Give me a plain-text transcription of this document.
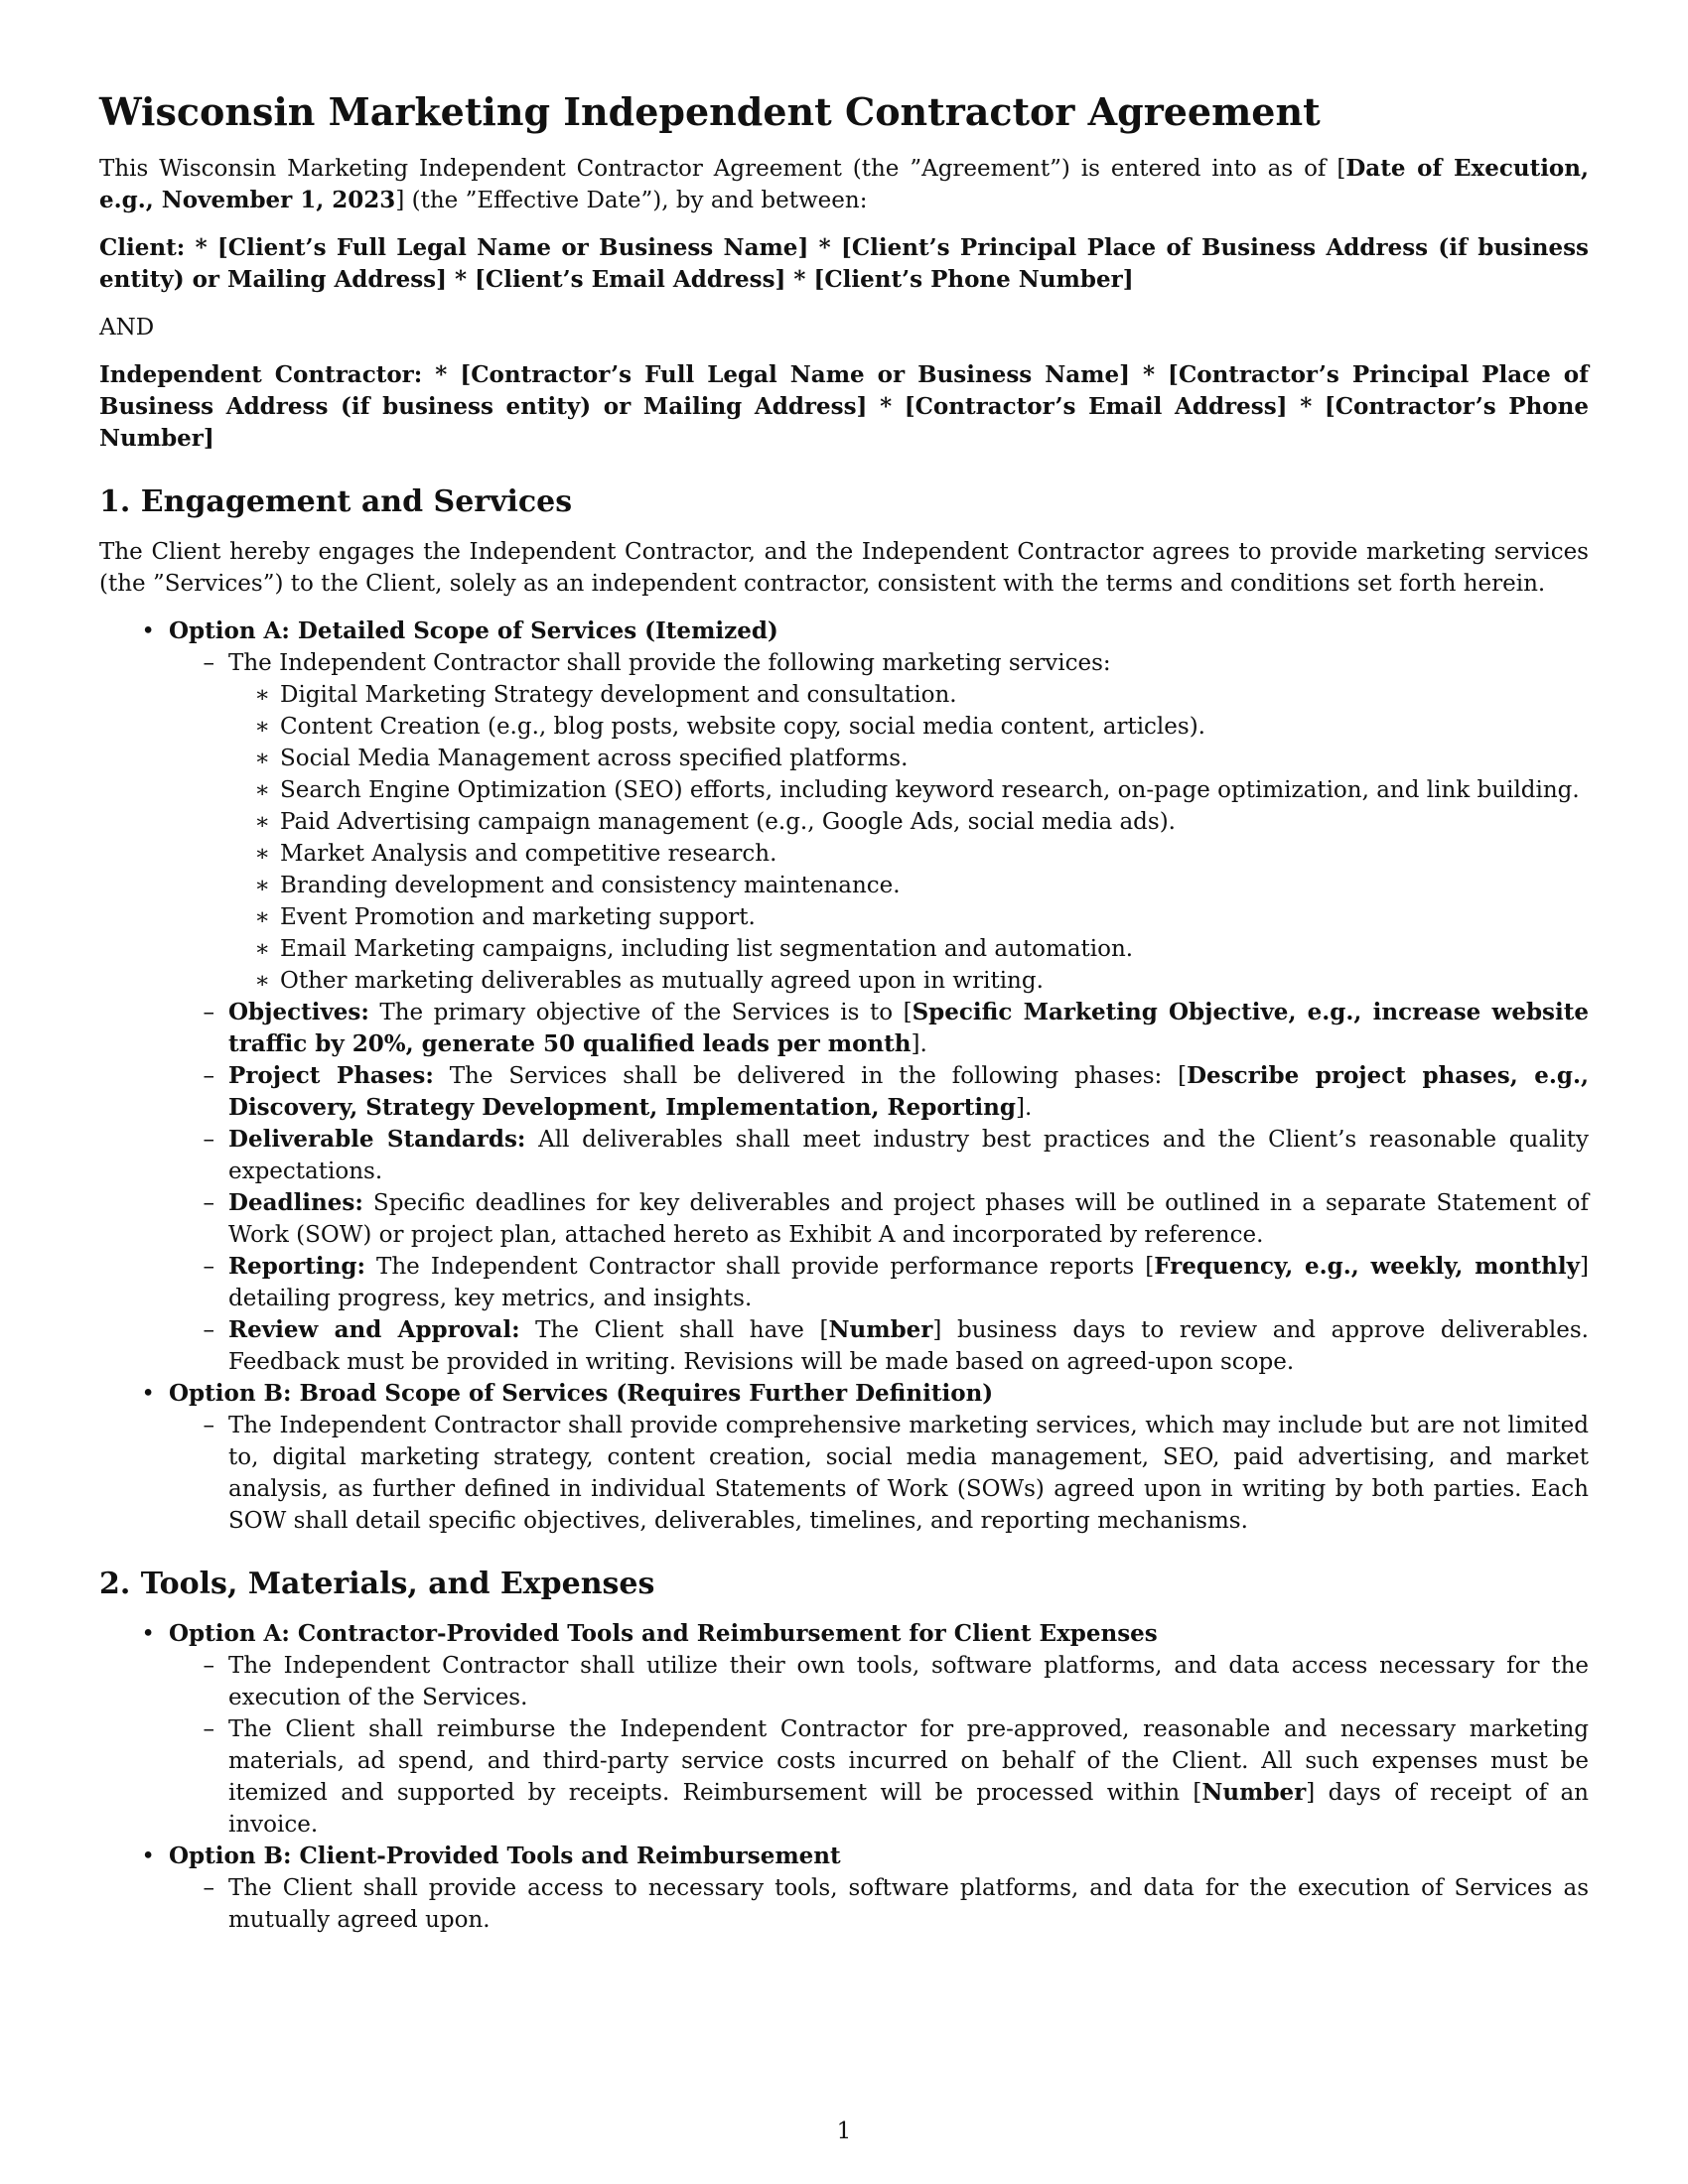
Wisconsin Marketing Independent Contractor Agreement

This Wisconsin Marketing Independent Contractor Agreement (the ”Agreement”) is entered into as of [Date of Execution, e.g., November 1, 2023] (the ”Effective Date”), by and between:

Client: * [Client’s Full Legal Name or Business Name] * [Client’s Principal Place of Business Address (if business entity) or Mailing Address] * [Client’s Email Address] * [Client’s Phone Number]

AND

Independent Contractor: * [Contractor’s Full Legal Name or Business Name] * [Contractor’s Principal Place of Business Address (if business entity) or Mailing Address] * [Contractor’s Email Address] * [Contractor’s Phone Number]

1. Engagement and Services

The Client hereby engages the Independent Contractor, and the Independent Contractor agrees to provide marketing services (the ”Services”) to the Client, solely as an independent contractor, consistent with the terms and conditions set forth herein.

• Option A: Detailed Scope of Services (Itemized)
– The Independent Contractor shall provide the following marketing services:
∗ Digital Marketing Strategy development and consultation.
∗ Content Creation (e.g., blog posts, website copy, social media content, articles).
∗ Social Media Management across specified platforms.
∗ Search Engine Optimization (SEO) efforts, including keyword research, on-page optimization, and link building.
∗ Paid Advertising campaign management (e.g., Google Ads, social media ads).
∗ Market Analysis and competitive research.
∗ Branding development and consistency maintenance.
∗ Event Promotion and marketing support.
∗ Email Marketing campaigns, including list segmentation and automation.
∗ Other marketing deliverables as mutually agreed upon in writing.
– Objectives: The primary objective of the Services is to [Specific Marketing Objective, e.g., increase website traffic by 20%, generate 50 qualified leads per month].
– Project Phases: The Services shall be delivered in the following phases: [Describe project phases, e.g., Discovery, Strategy Development, Implementation, Reporting].
– Deliverable Standards: All deliverables shall meet industry best practices and the Client’s reasonable quality expectations.
– Deadlines: Specific deadlines for key deliverables and project phases will be outlined in a separate Statement of Work (SOW) or project plan, attached hereto as Exhibit A and incorporated by reference.
– Reporting: The Independent Contractor shall provide performance reports [Frequency, e.g., weekly, monthly] detailing progress, key metrics, and insights.
– Review and Approval: The Client shall have [Number] business days to review and approve deliverables. Feedback must be provided in writing. Revisions will be made based on agreed-upon scope.
• Option B: Broad Scope of Services (Requires Further Definition)
– The Independent Contractor shall provide comprehensive marketing services, which may include but are not limited to, digital marketing strategy, content creation, social media management, SEO, paid advertising, and market analysis, as further defined in individual Statements of Work (SOWs) agreed upon in writing by both parties. Each SOW shall detail specific objectives, deliverables, timelines, and reporting mechanisms.
2. Tools, Materials, and Expenses
• Option A: Contractor-Provided Tools and Reimbursement for Client Expenses
– The Independent Contractor shall utilize their own tools, software platforms, and data access necessary for the execution of the Services.
– The Client shall reimburse the Independent Contractor for pre-approved, reasonable and necessary marketing materials, ad spend, and third-party service costs incurred on behalf of the Client. All such expenses must be itemized and supported by receipts. Reimbursement will be processed within [Number] days of receipt of an invoice.
• Option B: Client-Provided Tools and Reimbursement
– The Client shall provide access to necessary tools, software platforms, and data for the execution of Services as mutually agreed upon.
1
